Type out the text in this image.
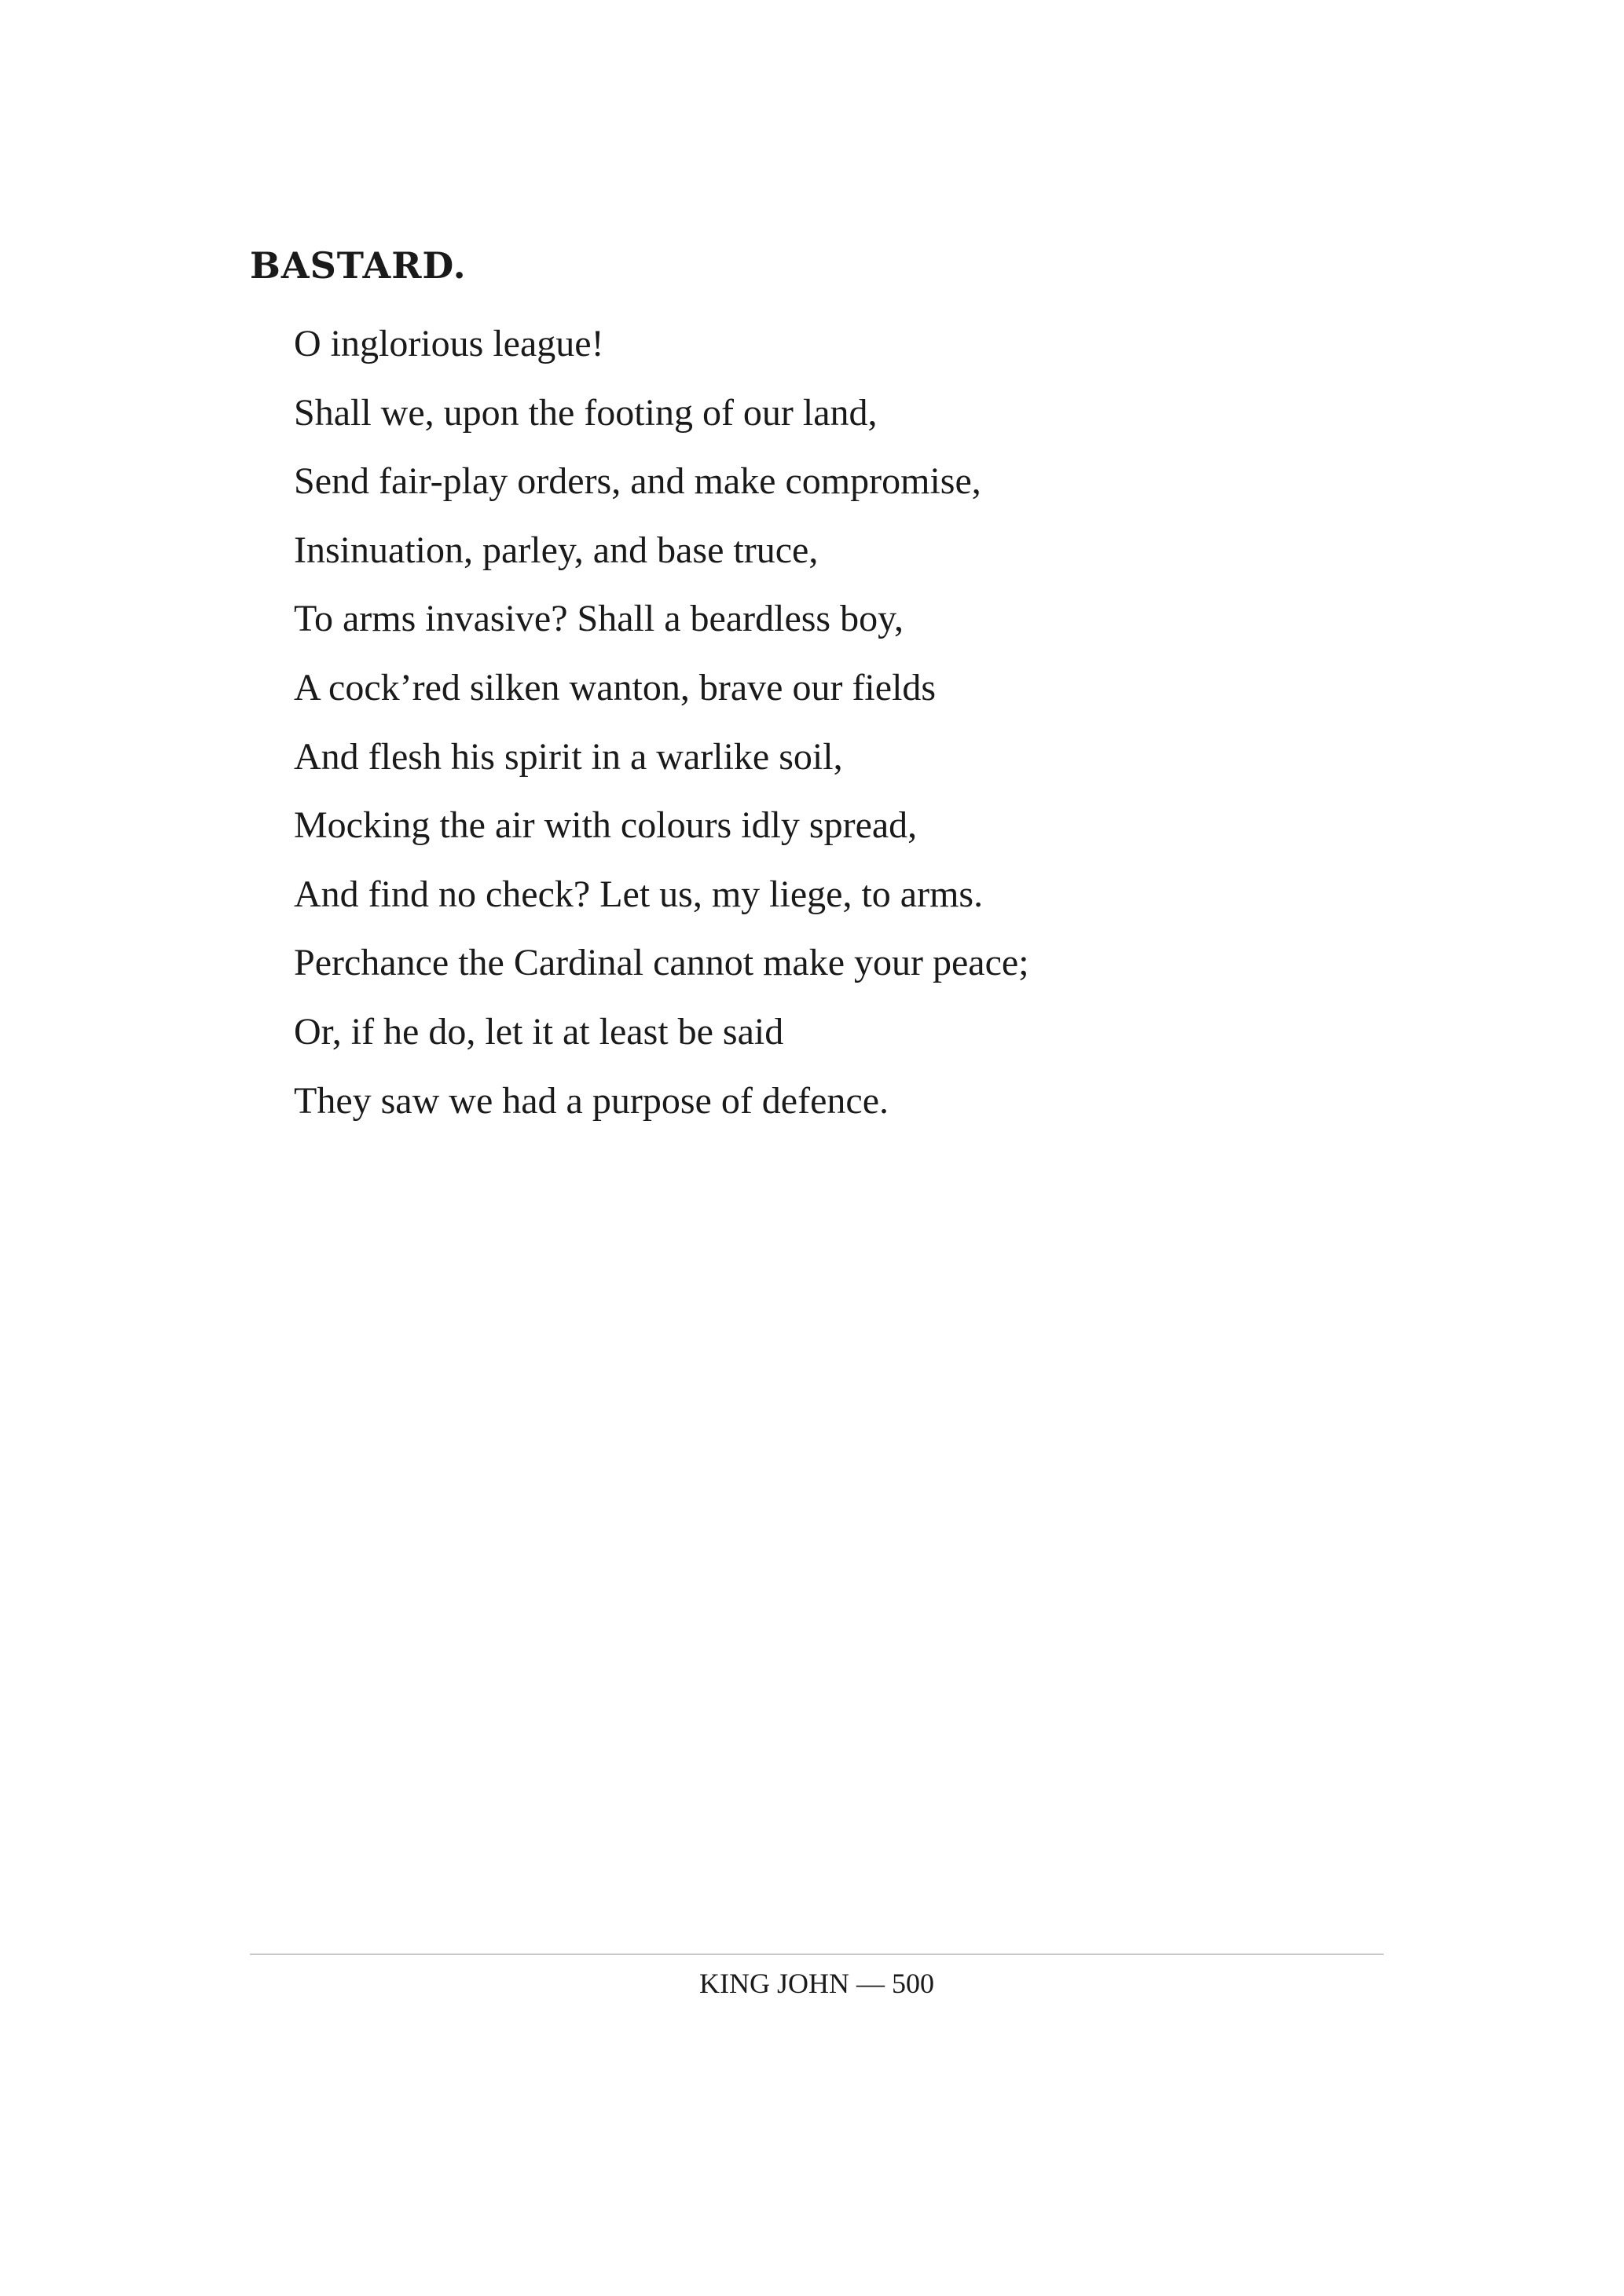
BASTARD.
O inglorious league!
Shall we, upon the footing of our land,
Send fair-play orders, and make compromise,
Insinuation, parley, and base truce,
To arms invasive? Shall a beardless boy,
A cock’red silken wanton, brave our fields
And flesh his spirit in a warlike soil,
Mocking the air with colours idly spread,
And find no check? Let us, my liege, to arms.
Perchance the Cardinal cannot make your peace;
Or, if he do, let it at least be said
They saw we had a purpose of defence.
KING JOHN — 500
